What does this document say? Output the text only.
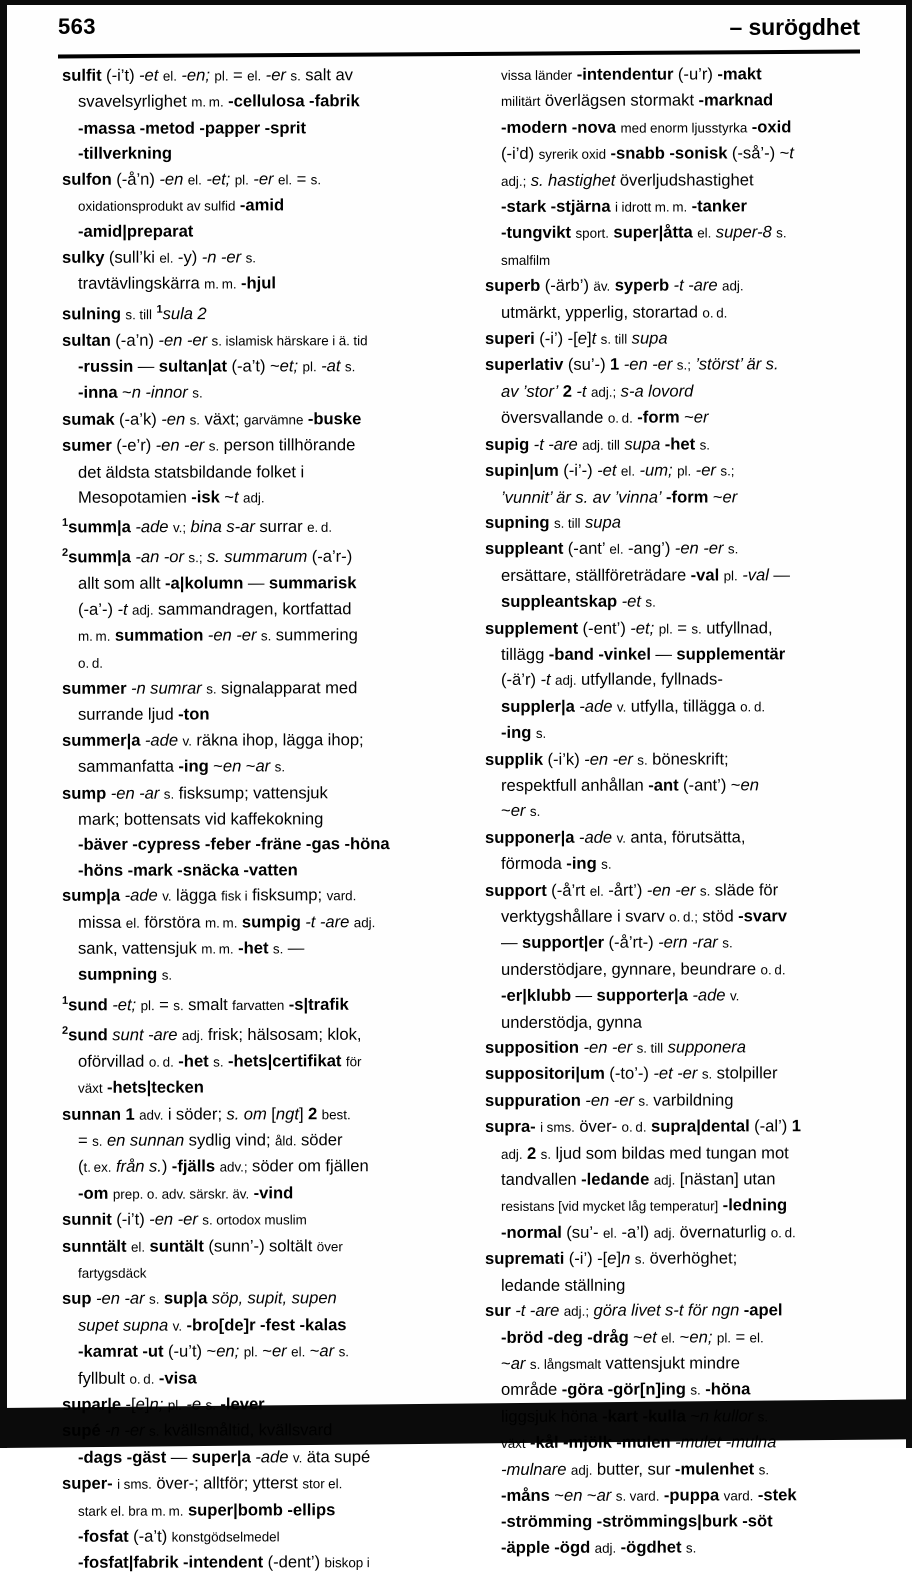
563	– surögdhet
sulfit (-i’t) -et el. -en; pl. = el. -er s. salt av
svavelsyrlighet m. m. -cellulosa -fabrik
-massa -metod -papper -sprit
-tillverkning
sulfon (-å’n) -en el. -et; pl. -er el. = s.
oxidationsprodukt av sulfid -amid
-amid|preparat
sulky (sull’ki el. -y) -n -er s.
travtävlingskärra m. m. -hjul
sulning s. till $^1$sula 2
sultan (-a’n) -en -er s. islamisk härskare i ä. tid
-russin — sultan|at (-a’t) ~et; pl. -at s.
-inna ~n -innor s.
sumak (-a’k) -en s. växt; garvämne -buske
sumer (-e’r) -en -er s. person tillhörande
det äldsta statsbildande folket i
Mesopotamien -isk ~t adj.
$^1$summ|a -ade v.; bina s-ar surrar e. d.
$^2$summ|a -an -or s.; s. summarum (-a’r-)
allt som allt -a|kolumn — summarisk
(-a’-) -t adj. sammandragen, kortfattad
m. m. summation -en -er s. summering
o. d.
summer -n sumrar s. signalapparat med
surrande ljud -ton
summer|a -ade v. räkna ihop, lägga ihop;
sammanfatta -ing ~en ~ar s.
sump -en -ar s. fisksump; vattensjuk
mark; bottensats vid kaffekokning
-bäver -cypress -feber -fräne -gas -höna
-höns -mark -snäcka -vatten
sump|a -ade v. lägga fisk i fisksump; vard.
missa el. förstöra m. m. sumpig -t -are adj.
sank, vattensjuk m. m. -het s. —
sumpning s.
$^1$sund -et; pl. = s. smalt farvatten -s|trafik
$^2$sund sunt -are adj. frisk; hälsosam; klok,
oförvillad o. d. -het s. -hets|certifikat för
växt -hets|tecken
sunnan 1 adv. i söder; s. om [ngt] 2 best.
= s. en sunnan sydlig vind; åld. söder
(t. ex. från s.) -fjälls adv.; söder om fjällen
-om prep. o. adv. särskr. äv. -vind
sunnit (-i’t) -en -er s. ortodox muslim
sunntält el. suntält (sunn’-) soltält över
fartygsdäck
sup -en -ar s. sup|a söp, supit, supen
supet supna v. -bro[de]r -fest -kalas
-kamrat -ut (-u’t) ~en; pl. ~er el. ~ar s.
fyllbult o. d. -visa
supar|e -[e]n; pl. -e s. -lever
supé -n -er s. kvällsmåltid, kvällsvard
-dags -gäst — super|a -ade v. äta supé
super- i sms. över-; alltför; ytterst stor el.
stark el. bra m. m. super|bomb -ellips
-fosfat (-a’t) konstgödselmedel
-fosfat|fabrik -intendent (-dent’) biskop i
vissa länder -intendentur (-u’r) -makt
militärt överlägsen stormakt -marknad
-modern -nova med enorm ljusstyrka -oxid
(-i’d) syrerik oxid -snabb -sonisk (-så’-) ~t
adj.; s. hastighet överljudshastighet
-stark -stjärna i idrott m. m. -tanker
-tungvikt sport. super|åtta el. super-8 s.
smalfilm
superb (-ärb’) äv. syperb -t -are adj.
utmärkt, ypperlig, storartad o. d.
superi (-i’) -[e]t s. till supa
superlativ (su’-) 1 -en -er s.; ’störst’ är s.
av ’stor’ 2 -t adj.; s-a lovord
översvallande o. d. -form ~er
supig -t -are adj. till supa -het s.
supin|um (-i’-) -et el. -um; pl. -er s.;
’vunnit’ är s. av ’vinna’ -form ~er
supning s. till supa
suppleant (-ant’ el. -ang’) -en -er s.
ersättare, ställföreträdare -val pl. -val —
suppleantskap -et s.
supplement (-ent’) -et; pl. = s. utfyllnad,
tillägg -band -vinkel — supplementär
(-ä’r) -t adj. utfyllande, fyllnads-
suppler|a -ade v. utfylla, tillägga o. d.
-ing s.
supplik (-i’k) -en -er s. böneskrift;
respektfull anhållan -ant (-ant’) ~en
~er s.
supponer|a -ade v. anta, förutsätta,
förmoda -ing s.
support (-å’rt el. -årt’) -en -er s. släde för
verktygshållare i svarv o. d.; stöd -svarv
— support|er (-å’rt-) -ern -rar s.
understödjare, gynnare, beundrare o. d.
-er|klubb — supporter|a -ade v.
understödja, gynna
supposition -en -er s. till supponera
suppositori|um (-to’-) -et -er s. stolpiller
suppuration -en -er s. varbildning
supra- i sms. över- o. d. supra|dental (-al’) 1
adj. 2 s. ljud som bildas med tungan mot
tandvallen -ledande adj. [nästan] utan
resistans [vid mycket låg temperatur] -ledning
-normal (su’- el. -a’l) adj. övernaturlig o. d.
supremati (-i’) -[e]n s. överhöghet;
ledande ställning
sur -t -are adj.; göra livet s-t för ngn -apel
-bröd -deg -dråg ~et el. ~en; pl. = el.
~ar s. långsmalt vattensjukt mindre
område -göra -gör[n]ing s. -höna
liggsjuk höna -kart -kulla ~n kullor s.
växt -kål -mjölk -mulen -mulet -mulna
-mulnare adj. butter, sur -mulenhet s.
-måns ~en ~ar s. vard. -puppa vard. -stek
-strömming -strömmings|burk -söt
-äpple -ögd adj. -ögdhet s.
